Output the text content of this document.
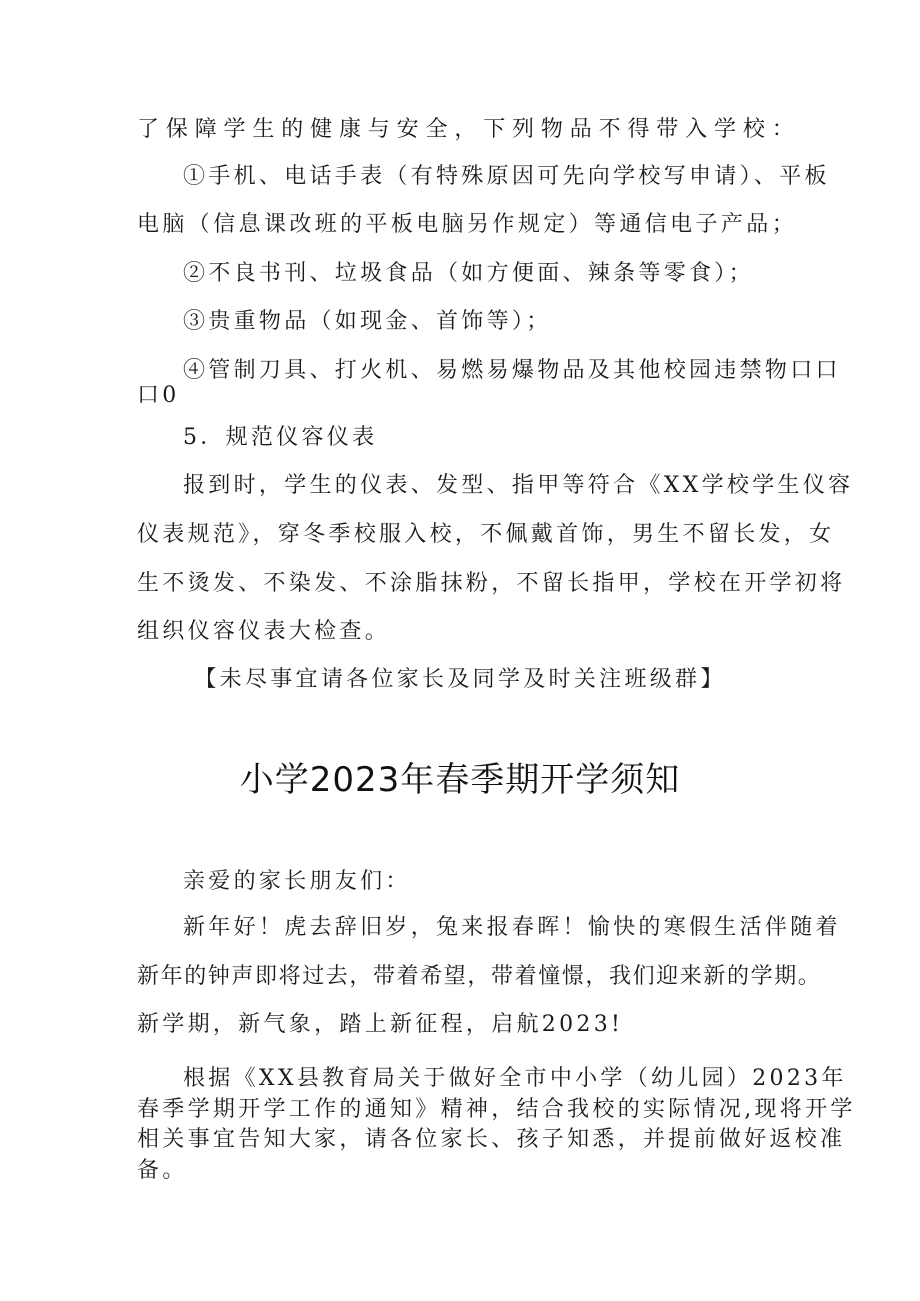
了保障学生的健康与安全，下列物品不得带入学校：
①手机、电话手表（有特殊原因可先向学校写申请）、平板
电脑（信息课改班的平板电脑另作规定）等通信电子产品；
②不良书刊、垃圾食品（如方便面、辣条等零食）；
③贵重物品（如现金、首饰等）；
④管制刀具、打火机、易燃易爆物品及其他校园违禁物口口
口0
5．规范仪容仪表
报到时，学生的仪表、发型、指甲等符合《XX学校学生仪容
仪表规范》，穿冬季校服入校，不佩戴首饰，男生不留长发，女
生不烫发、不染发、不涂脂抹粉，不留长指甲，学校在开学初将
组织仪容仪表大检查。
【未尽事宜请各位家长及同学及时关注班级群】
小学2023年春季期开学须知
亲爱的家长朋友们：
新年好！虎去辞旧岁，兔来报春晖！愉快的寒假生活伴随着
新年的钟声即将过去，带着希望，带着憧憬，我们迎来新的学期。
新学期，新气象，踏上新征程，启航2023!
根据《XX县教育局关于做好全市中小学（幼儿园）2023年
春季学期开学工作的通知》精神，结合我校的实际情况,现将开学
相关事宜告知大家，请各位家长、孩子知悉，并提前做好返校准
备。
